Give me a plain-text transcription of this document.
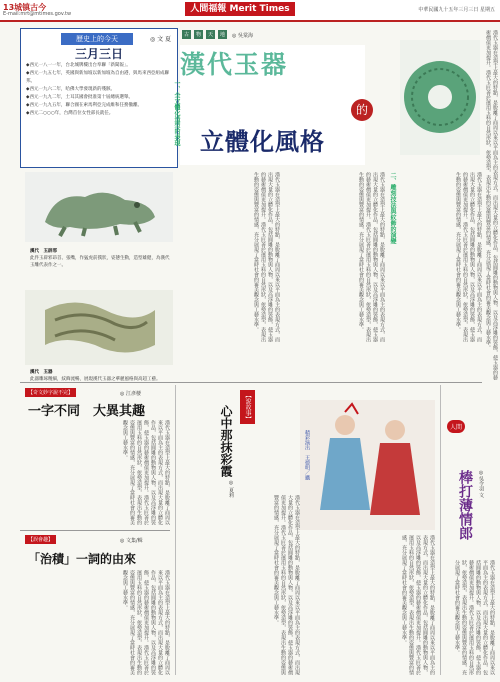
13城镇古今
E-mail:mrt@mtimes.gov.tw	人間福報 Merit Times	中華民國九十五年三月三日 星期五
歷史上的今天	◎ 文 夏
三月三日
◆西元一八一一年，台北城牌樓出台奉聯「新聞報」。
◆西元一九五七年，英國與新加坡以新加坡為自由港，與馬來西亞組成聯邦。
◆西元一九六二年，哈佛大學發現新的殘骸。
◆西元一九九二年，土耳其國會批准第十屆總統選舉。
◆西元一九九五年，聯合國在索馬利亞完成維和任務撤離。
◆西元二○○○年，台灣首位女性部長就任。
漢代　玉辟邪
此件玉辟邪昂首、張嘴，作猛虎前撲狀，姿態生動，造型雄健，為漢代玉雕代表作之一。
漢代　玉器
此器雕琢精細，紋飾流暢，展現漢代玉器之華麗風格與高超工藝。
漢代玉器
的
立體化風格
古	物	天	地	◎ 吳棠海
一、全立體化造型的表現
漢代玉器在造型上最大的特點，是脫離了商周以來以平面為主的表現方式，而出現大量的立體化作品，包括圓雕的動物與人物，以及高浮雕的裝飾，使玉器的藝術價值更加提升。漢代玉匠善於運用玉料的自然形狀，依勢造型，表現出生動的姿態與豐富的情感，充分展現了當時社會的審美觀念與工藝水準。	漢代玉器在造型上最大的特點，是脫離了商周以來以平面為主的表現方式，而出現大量的立體化作品，包括圓雕的動物與人物，以及高浮雕的裝飾，使玉器的藝術價值更加提升。漢代玉匠善於運用玉料的自然形狀，依勢造型，表現出生動的姿態與豐富的情感，充分展現了當時社會的審美觀念與工藝水準。	二、雕刻技法與紋飾的演變	漢代玉器在造型上最大的特點，是脫離了商周以來以平面為主的表現方式，而出現大量的立體化作品，包括圓雕的動物與人物，以及高浮雕的裝飾，使玉器的藝術價值更加提升。漢代玉匠善於運用玉料的自然形狀，依勢造型，表現出生動的姿態與豐富的情感，充分展現了當時社會的審美觀念與工藝水準。
【奇文妙字說不完】	◎ 江彥棲
一字不同　大異其趣
漢代玉器在造型上最大的特點，是脫離了商周以來以平面為主的表現方式，而出現大量的立體化作品，包括圓雕的動物與人物，以及高浮雕的裝飾，使玉器的藝術價值更加提升。漢代玉匠善於運用玉料的自然形狀，依勢造型，表現出生動的姿態與豐富的情感，充分展現了當時社會的審美觀念與工藝水準。
【誤會趣】	◎ 文集/輯
「治積」一詞的由來
漢代玉器在造型上最大的特點，是脫離了商周以來以平面為主的表現方式，而出現大量的立體化作品，包括圓雕的動物與人物，以及高浮雕的裝飾，使玉器的藝術價值更加提升。漢代玉匠善於運用玉料的自然形狀，依勢造型，表現出生動的姿態與豐富的情感，充分展現了當時社會的審美觀念與工藝水準。
【說故事】
心中那抹彩霞
◎ 夏莉
漢代玉器在造型上最大的特點，是脫離了商周以來以平面為主的表現方式，而出現大量的立體化作品，包括圓雕的動物與人物，以及高浮雕的裝飾，使玉器的藝術價值更加提升。漢代玉匠善於運用玉料的自然形狀，依勢造型，表現出生動的姿態與豐富的情感，充分展現了當時社會的審美觀念與工藝水準。
精彩演出　王德明／攝
漢代玉器在造型上最大的特點，是脫離了商周以來以平面為主的表現方式，而出現大量的立體化作品，包括圓雕的動物與人物，以及高浮雕的裝飾，使玉器的藝術價值更加提升。漢代玉匠善於運用玉料的自然形狀，依勢造型，表現出生動的姿態與豐富的情感，充分展現了當時社會的審美觀念與工藝水準。
人間
棒打薄情郎	◎吳令羽 文
漢代玉器在造型上最大的特點，是脫離了商周以來以平面為主的表現方式，而出現大量的立體化作品，包括圓雕的動物與人物，以及高浮雕的裝飾，使玉器的藝術價值更加提升。漢代玉匠善於運用玉料的自然形狀，依勢造型，表現出生動的姿態與豐富的情感，充分展現了當時社會的審美觀念與工藝水準。
漢代玉器在造型上最大的特點，是脫離了商周以來以平面為主的表現方式，而出現大量的立體化作品，包括圓雕的動物與人物，以及高浮雕的裝飾，使玉器的藝術價值更加提升。漢代玉匠善於運用玉料的自然形狀，依勢造型，表現出生動的姿態與豐富的情感，充分展現了當時社會的審美觀念與工藝水準。
